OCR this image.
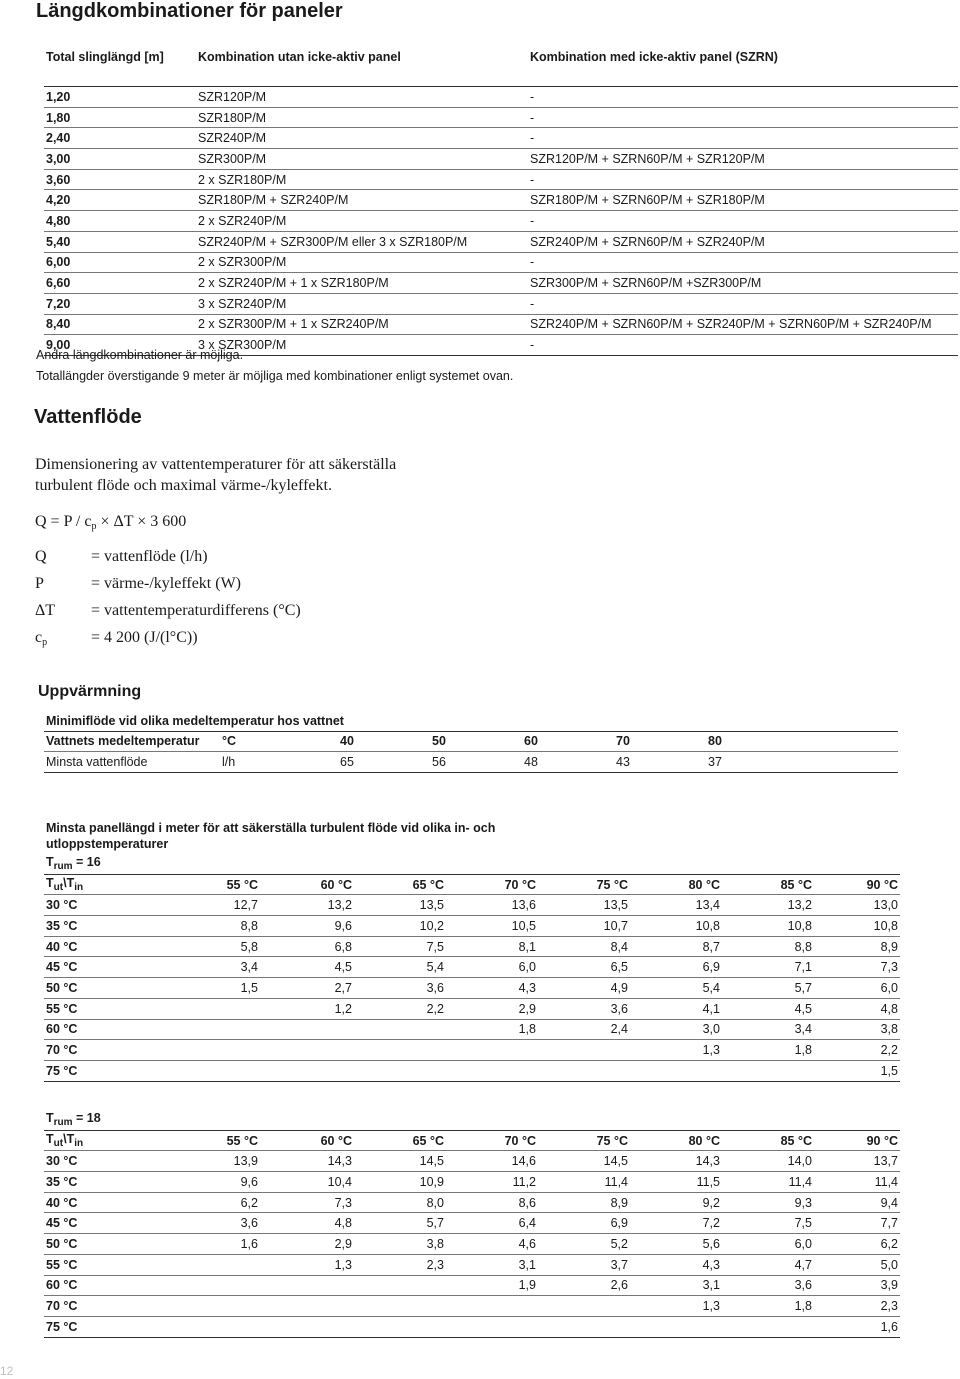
Längdkombinationer för paneler
Total slinglängd [m]	Kombination utan icke-aktiv panel	Kombination med icke-aktiv panel (SZRN)
1,20	SZR120P/M	-
1,80	SZR180P/M	-
2,40	SZR240P/M	-
3,00	SZR300P/M	SZR120P/M + SZRN60P/M + SZR120P/M
3,60	2 x SZR180P/M	-
4,20	SZR180P/M + SZR240P/M	SZR180P/M + SZRN60P/M + SZR180P/M
4,80	2 x SZR240P/M	-
5,40	SZR240P/M + SZR300P/M eller 3 x SZR180P/M	SZR240P/M + SZRN60P/M + SZR240P/M
6,00	2 x SZR300P/M	-
6,60	2 x SZR240P/M + 1 x SZR180P/M	SZR300P/M + SZRN60P/M +SZR300P/M
7,20	3 x SZR240P/M	-
8,40	2 x SZR300P/M + 1 x SZR240P/M	SZR240P/M + SZRN60P/M + SZR240P/M + SZRN60P/M + SZR240P/M
9,00	3 x SZR300P/M	-
Andra längdkombinationer är möjliga.
Totallängder överstigande 9 meter är möjliga med kombinationer enligt systemet ovan.
Vattenflöde
Dimensionering av vattentemperaturer för att säkerställa
turbulent flöde och maximal värme-/kyleffekt.
$Q = P / c_p \times \Delta T \times 3$ 600
Q	= vattenflöde (l/h)
P	= värme-/kyleffekt (W)
ΔT = vattentemperaturdifferens (°C)
$c_p$	= 4 200 (J/(l°C))
Uppvärmning
Minimiflöde vid olika medeltemperatur hos vattnet						
Vattnets medeltemperatur	°C	40	50	60	70	80
Minsta vattenflöde	l/h	65	56	48	43	37
Minsta panellängd i meter för att säkerställa turbulent flöde vid olika in- och
utloppstemperaturer
$T_{rum} = 16$								
$T_{ut}\backslash T_{in}$	55 °C	60 °C	65 °C	70 °C	75 °C	80 °C	85 °C	90 °C
30 °C	12,7	13,2	13,5	13,6	13,5	13,4	13,2	13,0
35 °C	8,8	9,6	10,2	10,5	10,7	10,8	10,8	10,8
40 °C	5,8	6,8	7,5	8,1	8,4	8,7	8,8	8,9
45 °C	3,4	4,5	5,4	6,0	6,5	6,9	7,1	7,3
50 °C	1,5	2,7	3,6	4,3	4,9	5,4	5,7	6,0
55 °C		1,2	2,2	2,9	3,6	4,1	4,5	4,8
60 °C				1,8	2,4	3,0	3,4	3,8
70 °C						1,3	1,8	2,2
75 °C								1,5
$T_{rum} = 18$								
$T_{ut}\backslash T_{in}$	55 °C	60 °C	65 °C	70 °C	75 °C	80 °C	85 °C	90 °C
30 °C	13,9	14,3	14,5	14,6	14,5	14,3	14,0	13,7
35 °C	9,6	10,4	10,9	11,2	11,4	11,5	11,4	11,4
40 °C	6,2	7,3	8,0	8,6	8,9	9,2	9,3	9,4
45 °C	3,6	4,8	5,7	6,4	6,9	7,2	7,5	7,7
50 °C	1,6	2,9	3,8	4,6	5,2	5,6	6,0	6,2
55 °C		1,3	2,3	3,1	3,7	4,3	4,7	5,0
60 °C				1,9	2,6	3,1	3,6	3,9
70 °C						1,3	1,8	2,3
75 °C								1,6
12
